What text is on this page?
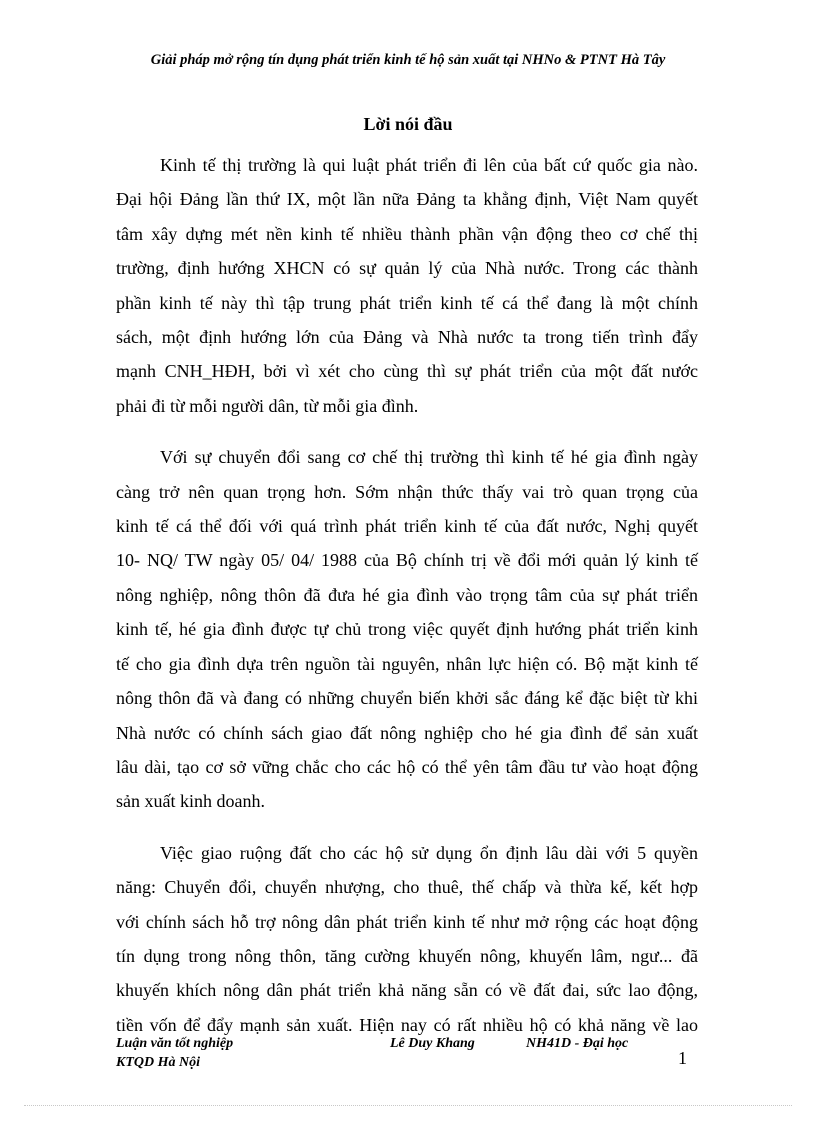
Giải pháp mở rộng tín dụng phát triển kinh tế hộ sản xuất tại NHNo & PTNT Hà Tây
Lời nói đầu
Kinh tế thị trường là qui luật phát triển đi lên của bất cứ quốc gia nào.
Đại hội Đảng lần thứ IX, một lần nữa Đảng ta khẳng định, Việt Nam quyết
tâm xây dựng mét nền kinh tế nhiều thành phần vận động theo cơ chế thị
trường, định hướng XHCN có sự quản lý của Nhà nước. Trong các thành
phần kinh tế này thì tập trung phát triển kinh tế cá thể đang là một chính
sách, một định hướng lớn của Đảng và Nhà nước ta trong tiến trình đẩy
mạnh CNH_HĐH, bởi vì xét cho cùng thì sự phát triển của một đất nước
phải đi từ mỗi người dân, từ mỗi gia đình.
Với sự chuyển đổi sang cơ chế thị trường thì kinh tế hé gia đình ngày
càng trở nên quan trọng hơn. Sớm nhận thức thấy vai trò quan trọng của
kinh tế cá thể đối với quá trình phát triển kinh tế của đất nước, Nghị quyết
10- NQ/ TW ngày 05/ 04/ 1988 của Bộ chính trị về đổi mới quản lý kinh tế
nông nghiệp, nông thôn đã đưa hé gia đình vào trọng tâm của sự phát triển
kinh tế, hé gia đình được tự chủ trong việc quyết định hướng phát triển kinh
tế cho gia đình dựa trên nguồn tài nguyên, nhân lực hiện có. Bộ mặt kinh tế
nông thôn đã và đang có những chuyển biến khởi sắc đáng kể đặc biệt từ khi
Nhà nước có chính sách giao đất nông nghiệp cho hé gia đình để sản xuất
lâu dài, tạo cơ sở vững chắc cho các hộ có thể yên tâm đầu tư vào hoạt động
sản xuất kinh doanh.
Việc giao ruộng đất cho các hộ sử dụng ổn định lâu dài với 5 quyền
năng: Chuyển đổi, chuyển nhượng, cho thuê, thế chấp và thừa kế, kết hợp
với chính sách hỗ trợ nông dân phát triển kinh tế như mở rộng các hoạt động
tín dụng trong nông thôn, tăng cường khuyến nông, khuyến lâm, ngư... đã
khuyến khích nông dân phát triển khả năng sẵn có về đất đai, sức lao động,
tiền vốn để đẩy mạnh sản xuất. Hiện nay có rất nhiều hộ có khả năng về lao
Luận văn tốt nghiệp
KTQD Hà Nội
Lê Duy Khang	NH41D - Đại học
1
